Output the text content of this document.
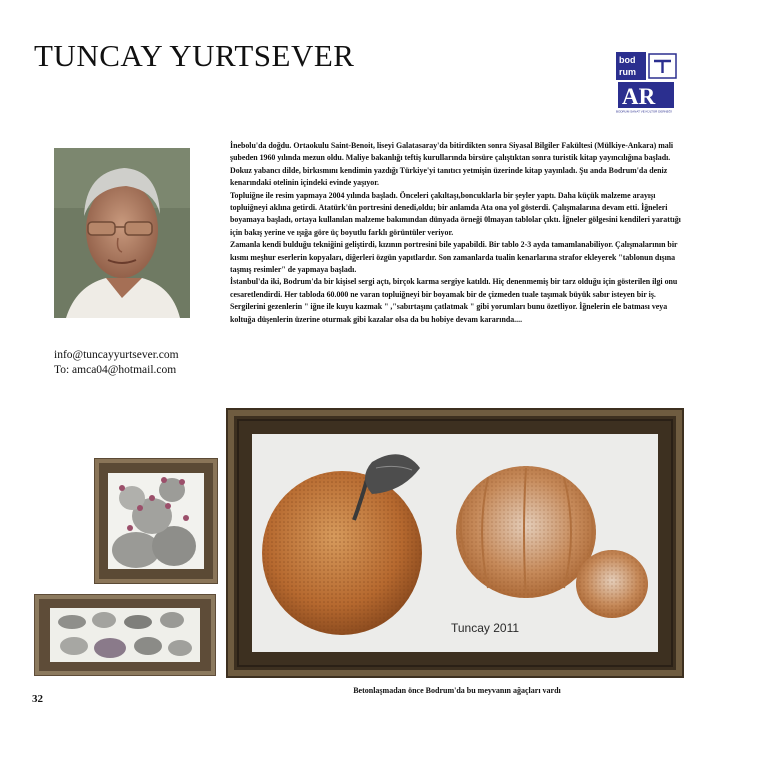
TUNCAY YURTSEVER	bod
rum
AR
BODRUM SANAT VE KÜLTÜR DERNEĞİ
info@tuncayyurtsever.com
To: amca04@hotmail.com

İnebolu'da doğdu. Ortaokulu Saint-Benoit, liseyi Galatasaray'da bitirdikten sonra Siyasal Bilgiler Fakültesi (Mülkiye-Ankara) mali şubeden 1960 yılında mezun oldu. Maliye bakanlığı teftiş kurullarında birsüre çalıştıktan sonra turistik kitap yayıncılığına başladı. Dokuz yabancı dilde, birkısmını kendimin yazdığı Türkiye'yi tanıtıcı yetmişin üzerinde kitap yayınladı. Şu anda Bodrum'da deniz kenarındaki otelinin içindeki evinde yaşıyor.

Topluiğne ile resim yapmaya 2004 yılında başladı. Önceleri çakıltaşı,boncuklarla bir şeyler yaptı. Daha küçük malzeme arayışı topluiğneyi aklına getirdi. Atatürk'ün portresini denedi,oldu; bir anlamda Ata ona yol gösterdi. Çalışmalarına devam etti. İğneleri boyamaya başladı, ortaya kullanılan malzeme bakımından dünyada örneği 0lmayan tablolar çıktı. İğneler gölgesini kendileri yarattığı için bakış yerine ve ışığa göre üç boyutlu farklı görüntüler veriyor.

Zamanla kendi bulduğu tekniğini geliştirdi, kızının portresini bile yapabildi. Bir tablo 2-3 ayda tamamlanabiliyor. Çalışmalarının bir kısmı meşhur eserlerin kopyaları, diğerleri özgün yapıtlardır. Son zamanlarda tualin kenarlarına strafor ekleyerek "tablonun dışına taşmış resimler" de yapmaya başladı.

İstanbul'da iki, Bodrum'da bir kişisel sergi açtı, birçok karma sergiye katıldı. Hiç denenmemiş bir tarz olduğu için gösterilen ilgi onu cesaretlendirdi. Her tabloda 60.000 ne varan topluiğneyi bir boyamak bir de çizmeden tuale taşımak büyük sabır isteyen bir iş.

Sergilerini gezenlerin " iğne ile kuyu kazmak " ,"sabırtaşını çatlatmak " gibi yorumları bunu özetliyor. İğnelerin ele batması veya koltuğa düşenlerin üzerine oturmak gibi kazalar olsa da bu hobiye devam kararında....

Tuncay 2011
Betonlaşmadan önce Bodrum'da bu meyvanın ağaçları vardı
32
